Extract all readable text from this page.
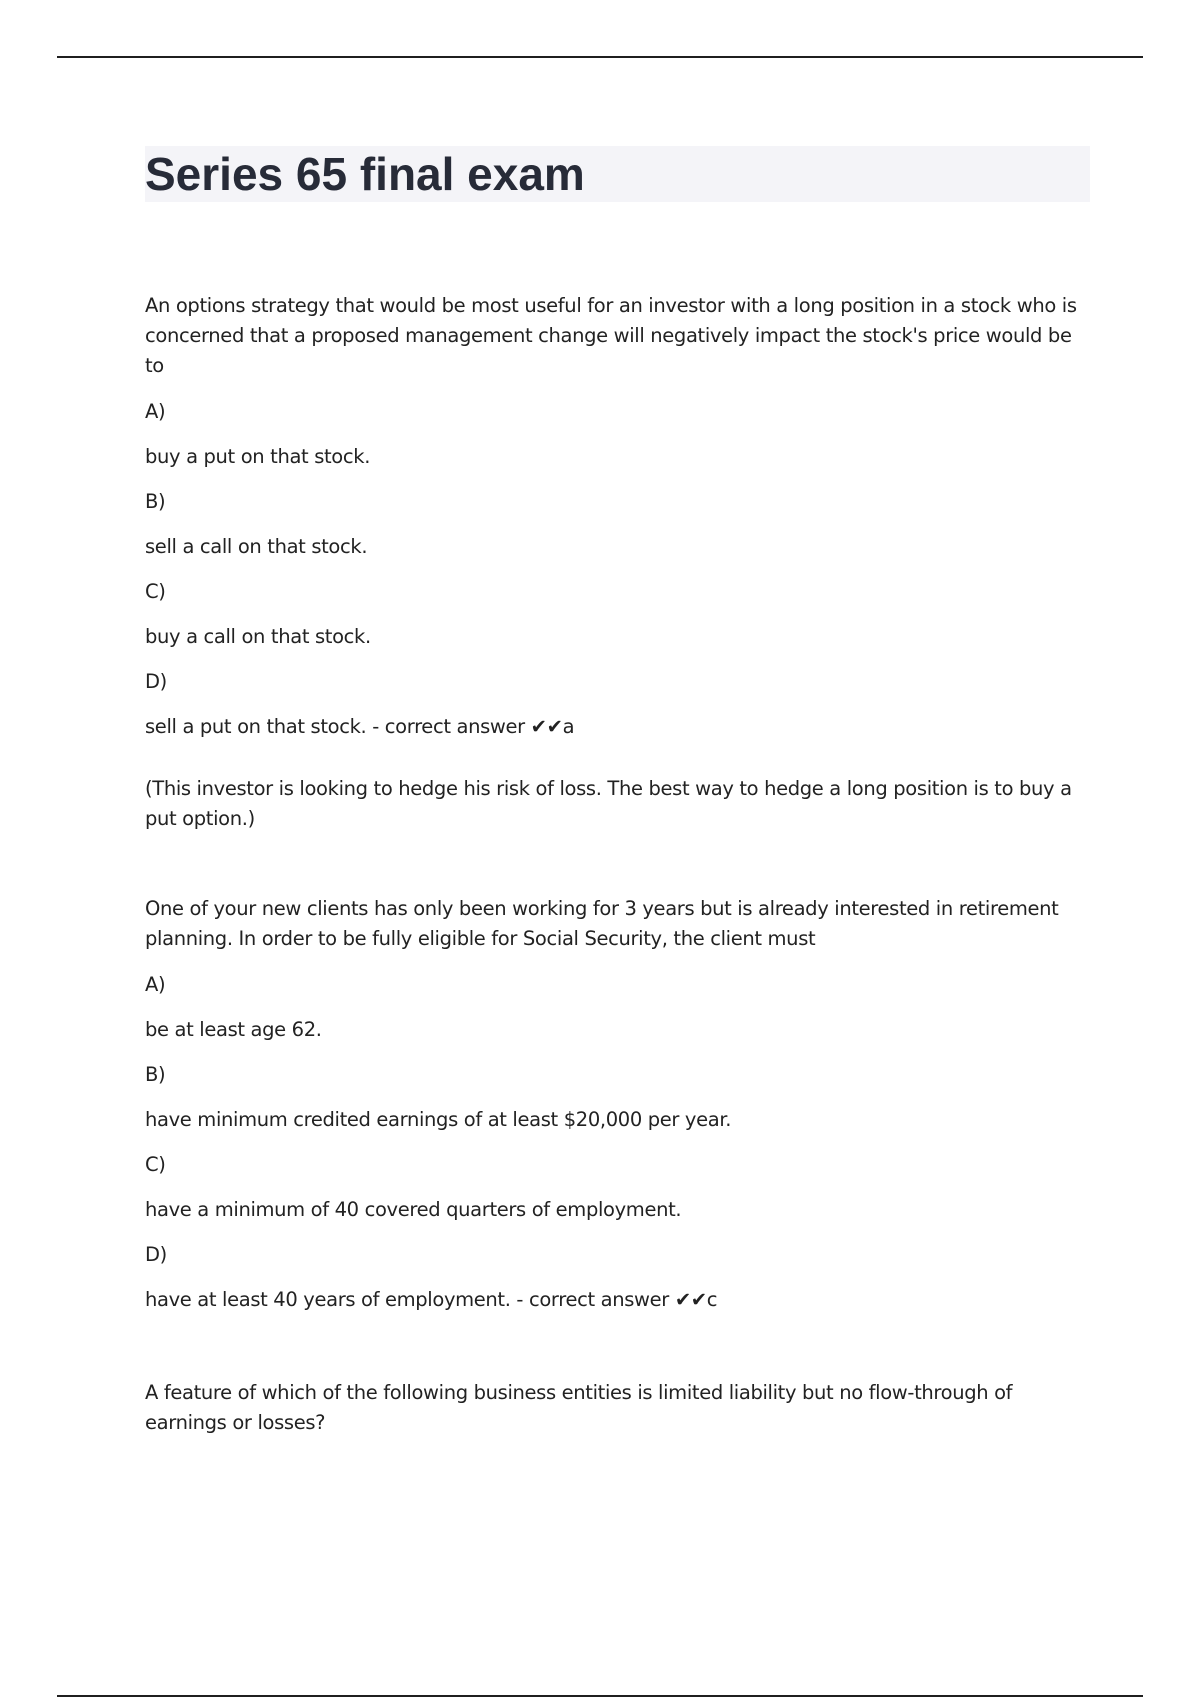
Series 65 final exam

An options strategy that would be most useful for an investor with a long position in a stock who is concerned that a proposed management change will negatively impact the stock's price would be to

A)

buy a put on that stock.

B)

sell a call on that stock.

C)

buy a call on that stock.

D)

sell a put on that stock. - correct answer ✔✔a

(This investor is looking to hedge his risk of loss. The best way to hedge a long position is to buy a put option.)

One of your new clients has only been working for 3 years but is already interested in retirement planning. In order to be fully eligible for Social Security, the client must

A)

be at least age 62.

B)

have minimum credited earnings of at least $20,000 per year.

C)

have a minimum of 40 covered quarters of employment.

D)

have at least 40 years of employment. - correct answer ✔✔c

A feature of which of the following business entities is limited liability but no flow-through of earnings or losses?
